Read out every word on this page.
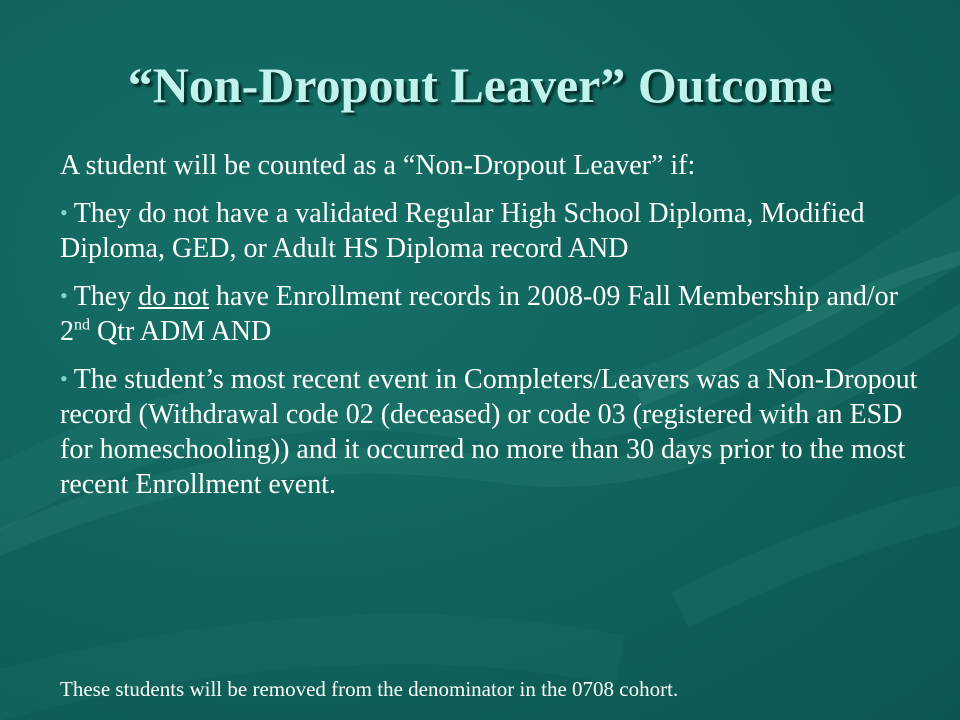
“Non-Dropout Leaver” Outcome

A student will be counted as a “Non-Dropout Leaver” if:

• They do not have a validated Regular High School Diploma, Modified Diploma, GED, or Adult HS Diploma record AND

• They do not have Enrollment records in 2008-09 Fall Membership and/or 2nd Qtr ADM AND

• The student’s most recent event in Completers/Leavers was a Non-Dropout record (Withdrawal code 02 (deceased) or code 03 (registered with an ESD for homeschooling)) and it occurred no more than 30 days prior to the most recent Enrollment event.

These students will be removed from the denominator in the 0708 cohort.
